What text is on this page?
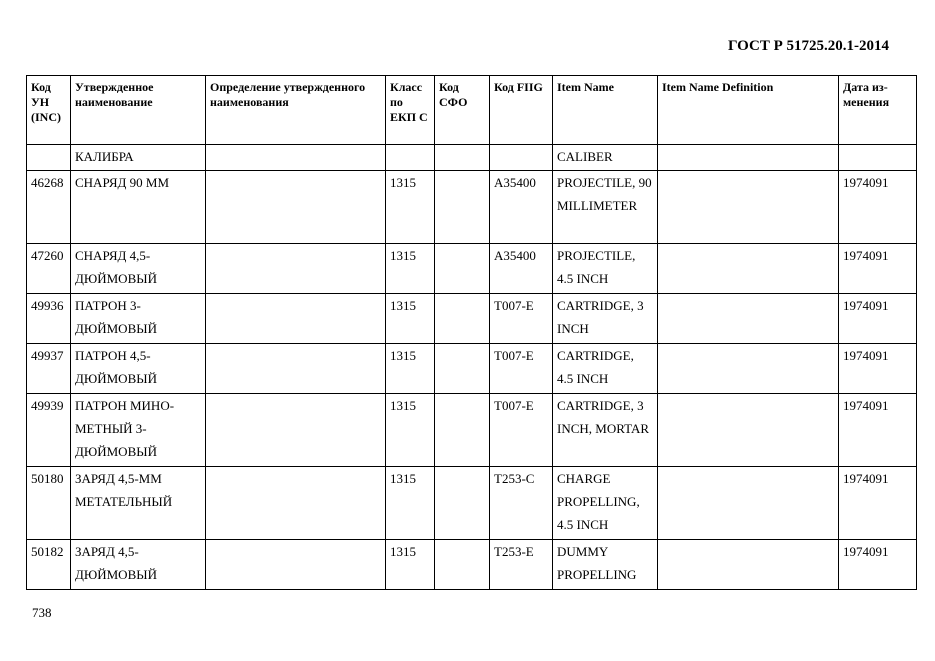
ГОСТ Р 51725.20.1-2014
Код УН (INC)	Утвержденное наименование	Определение утвержденного наименования	Класс по ЕКП С	Код СФО	Код FIIG	Item Name	Item Name Definition	Дата из- менения
	КАЛИБРА					CALIBER		
46268	СНАРЯД 90 ММ		1315		A35400	PROJECTILE, 90 MILLIMETER		1974091
47260	СНАРЯД 4,5- ДЮЙМОВЫЙ		1315		A35400	PROJECTILE, 4.5 INCH		1974091
49936	ПАТРОН 3- ДЮЙМОВЫЙ		1315		T007-E	CARTRIDGE, 3 INCH		1974091
49937	ПАТРОН 4,5- ДЮЙМОВЫЙ		1315		T007-E	CARTRIDGE, 4.5 INCH		1974091
49939	ПАТРОН МИНО- МЕТНЫЙ 3- ДЮЙМОВЫЙ		1315		T007-E	CARTRIDGE, 3 INCH, MORTAR		1974091
50180	ЗАРЯД 4,5-ММ МЕТАТЕЛЬНЫЙ		1315		T253-C	CHARGE PROPELLING, 4.5 INCH		1974091
50182	ЗАРЯД 4,5- ДЮЙМОВЫЙ		1315		T253-E	DUMMY PROPELLING		1974091
738
